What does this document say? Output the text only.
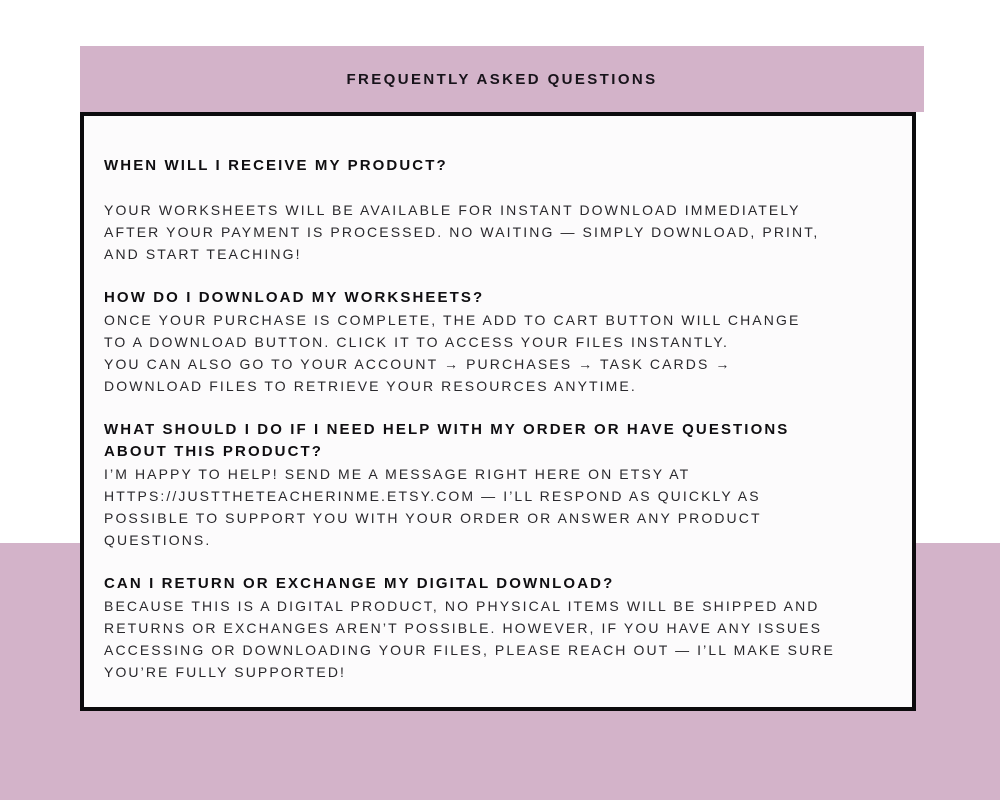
FREQUENTLY ASKED QUESTIONS
WHEN WILL I RECEIVE MY PRODUCT?
YOUR WORKSHEETS WILL BE AVAILABLE FOR INSTANT DOWNLOAD IMMEDIATELY
AFTER YOUR PAYMENT IS PROCESSED. NO WAITING — SIMPLY DOWNLOAD, PRINT,
AND START TEACHING!
HOW DO I DOWNLOAD MY WORKSHEETS?
ONCE YOUR PURCHASE IS COMPLETE, THE ADD TO CART BUTTON WILL CHANGE
TO A DOWNLOAD BUTTON. CLICK IT TO ACCESS YOUR FILES INSTANTLY.
YOU CAN ALSO GO TO YOUR ACCOUNT → PURCHASES → TASK CARDS →
DOWNLOAD FILES TO RETRIEVE YOUR RESOURCES ANYTIME.
WHAT SHOULD I DO IF I NEED HELP WITH MY ORDER OR HAVE QUESTIONS
ABOUT THIS PRODUCT?
I’M HAPPY TO HELP! SEND ME A MESSAGE RIGHT HERE ON ETSY AT
HTTPS://JUSTTHETEACHERINME.ETSY.COM — I’LL RESPOND AS QUICKLY AS
POSSIBLE TO SUPPORT YOU WITH YOUR ORDER OR ANSWER ANY PRODUCT
QUESTIONS.
CAN I RETURN OR EXCHANGE MY DIGITAL DOWNLOAD?
BECAUSE THIS IS A DIGITAL PRODUCT, NO PHYSICAL ITEMS WILL BE SHIPPED AND
RETURNS OR EXCHANGES AREN’T POSSIBLE. HOWEVER, IF YOU HAVE ANY ISSUES
ACCESSING OR DOWNLOADING YOUR FILES, PLEASE REACH OUT — I’LL MAKE SURE
YOU’RE FULLY SUPPORTED!
